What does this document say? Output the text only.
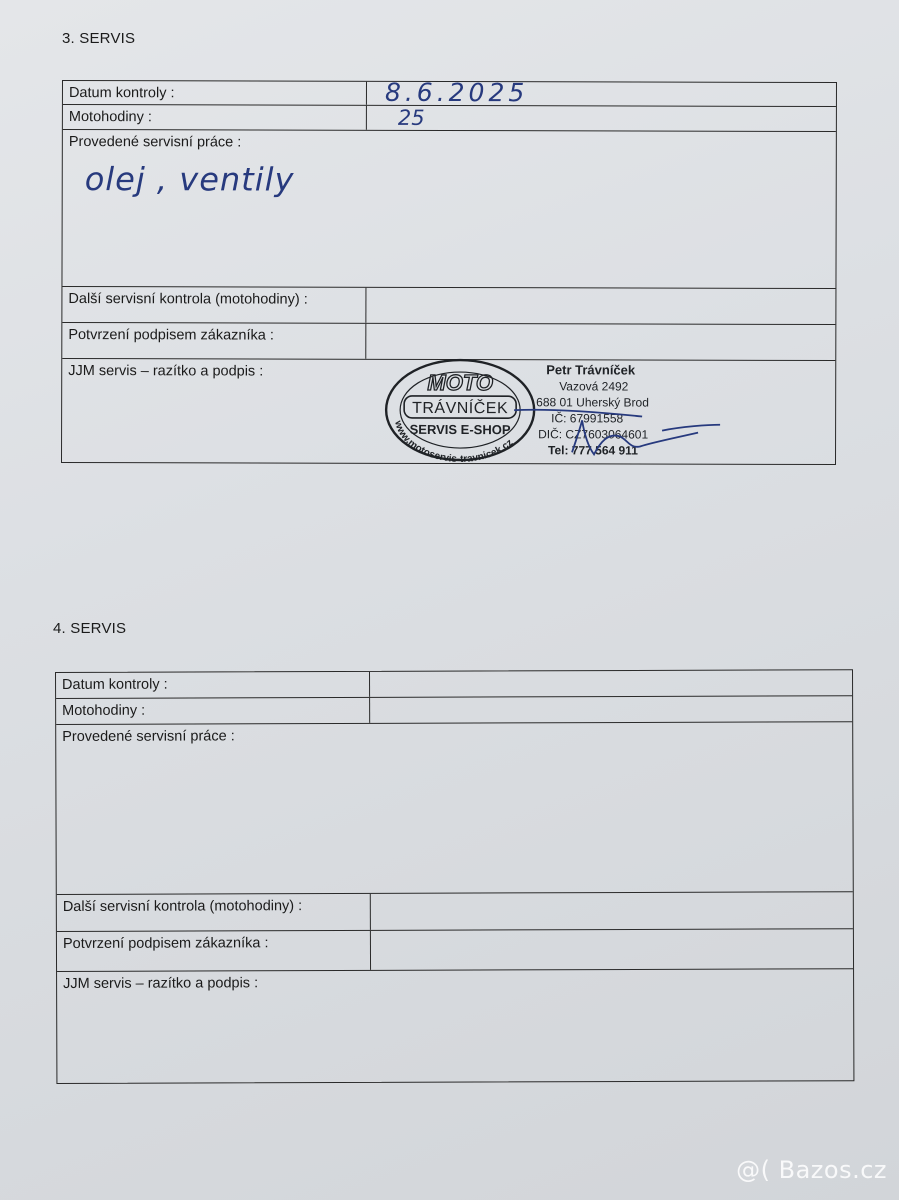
3. SERVIS
Datum kontroly :	8.6.2025
Motohodiny :	25
Provedené servisní práce :
olej , ventily
Další servisní kontrola (motohodiny) :
Potvrzení podpisem zákazníka :
JJM servis – razítko a podpis :	MOTO
TRÁVNÍČEK
SERVIS E-SHOP
www.motoservis-travnicek.cz
Petr Trávníček
Vazová 2492
688 01 Uherský Brod
IČ: 67991558
DIČ: CZ7603064601
Tel: 777 564 911
4. SERVIS
Datum kontroly :
Motohodiny :
Provedené servisní práce :
Další servisní kontrola (motohodiny) :
Potvrzení podpisem zákazníka :
JJM servis – razítko a podpis :
@( Bazos.cz
